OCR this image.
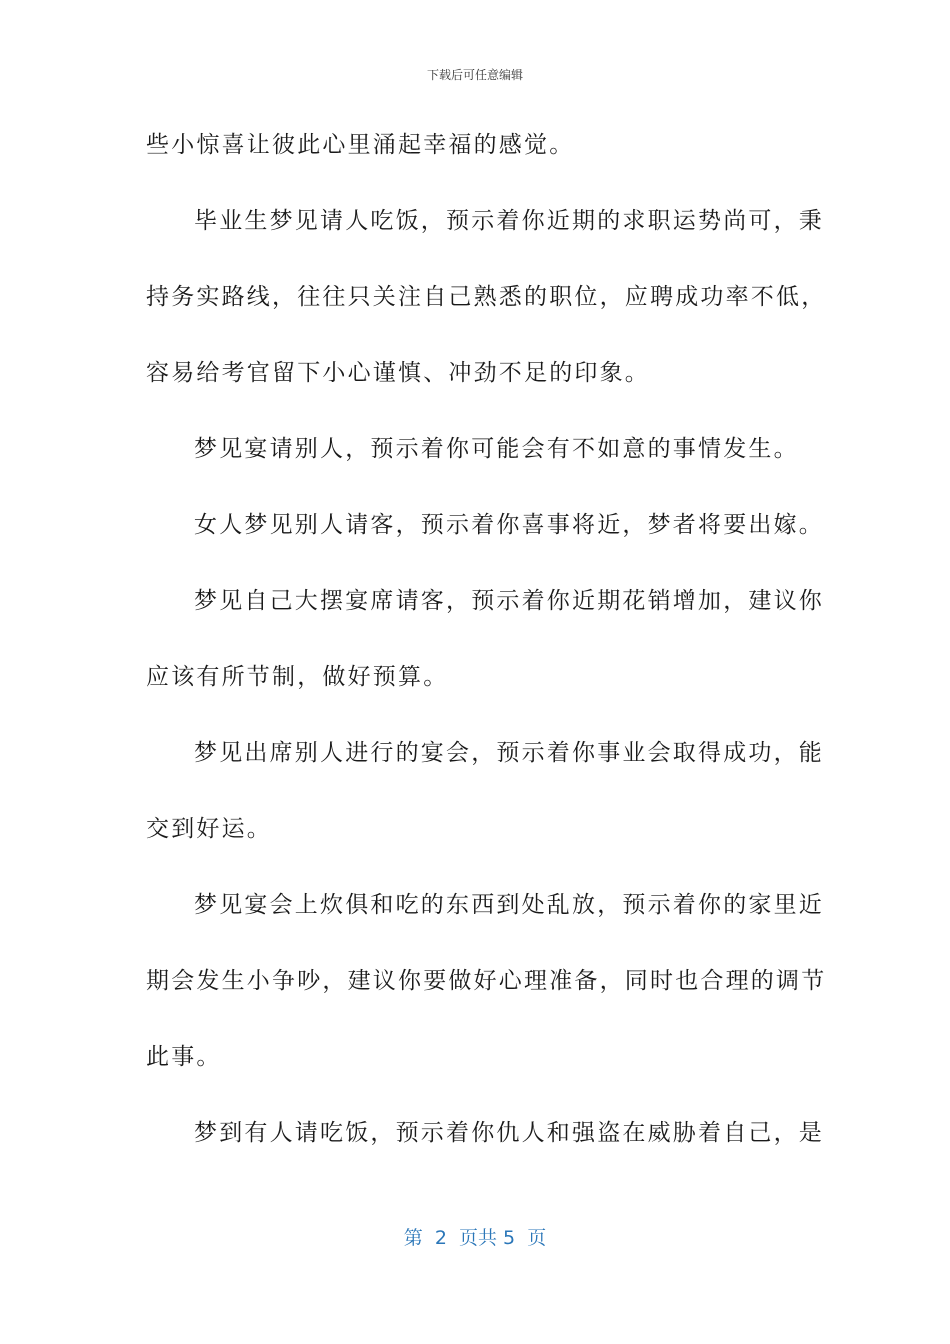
下载后可任意编辑
些小惊喜让彼此心里涌起幸福的感觉。
毕业生梦见请人吃饭，预示着你近期的求职运势尚可，秉
持务实路线，往往只关注自己熟悉的职位，应聘成功率不低，
容易给考官留下小心谨慎、冲劲不足的印象。
梦见宴请别人，预示着你可能会有不如意的事情发生。
女人梦见别人请客，预示着你喜事将近，梦者将要出嫁。
梦见自己大摆宴席请客，预示着你近期花销增加，建议你
应该有所节制，做好预算。
梦见出席别人进行的宴会，预示着你事业会取得成功，能
交到好运。
梦见宴会上炊俱和吃的东西到处乱放，预示着你的家里近
期会发生小争吵，建议你要做好心理准备，同时也合理的调节
此事。
梦到有人请吃饭，预示着你仇人和强盗在威胁着自己，是
第  2  页共 5  页
